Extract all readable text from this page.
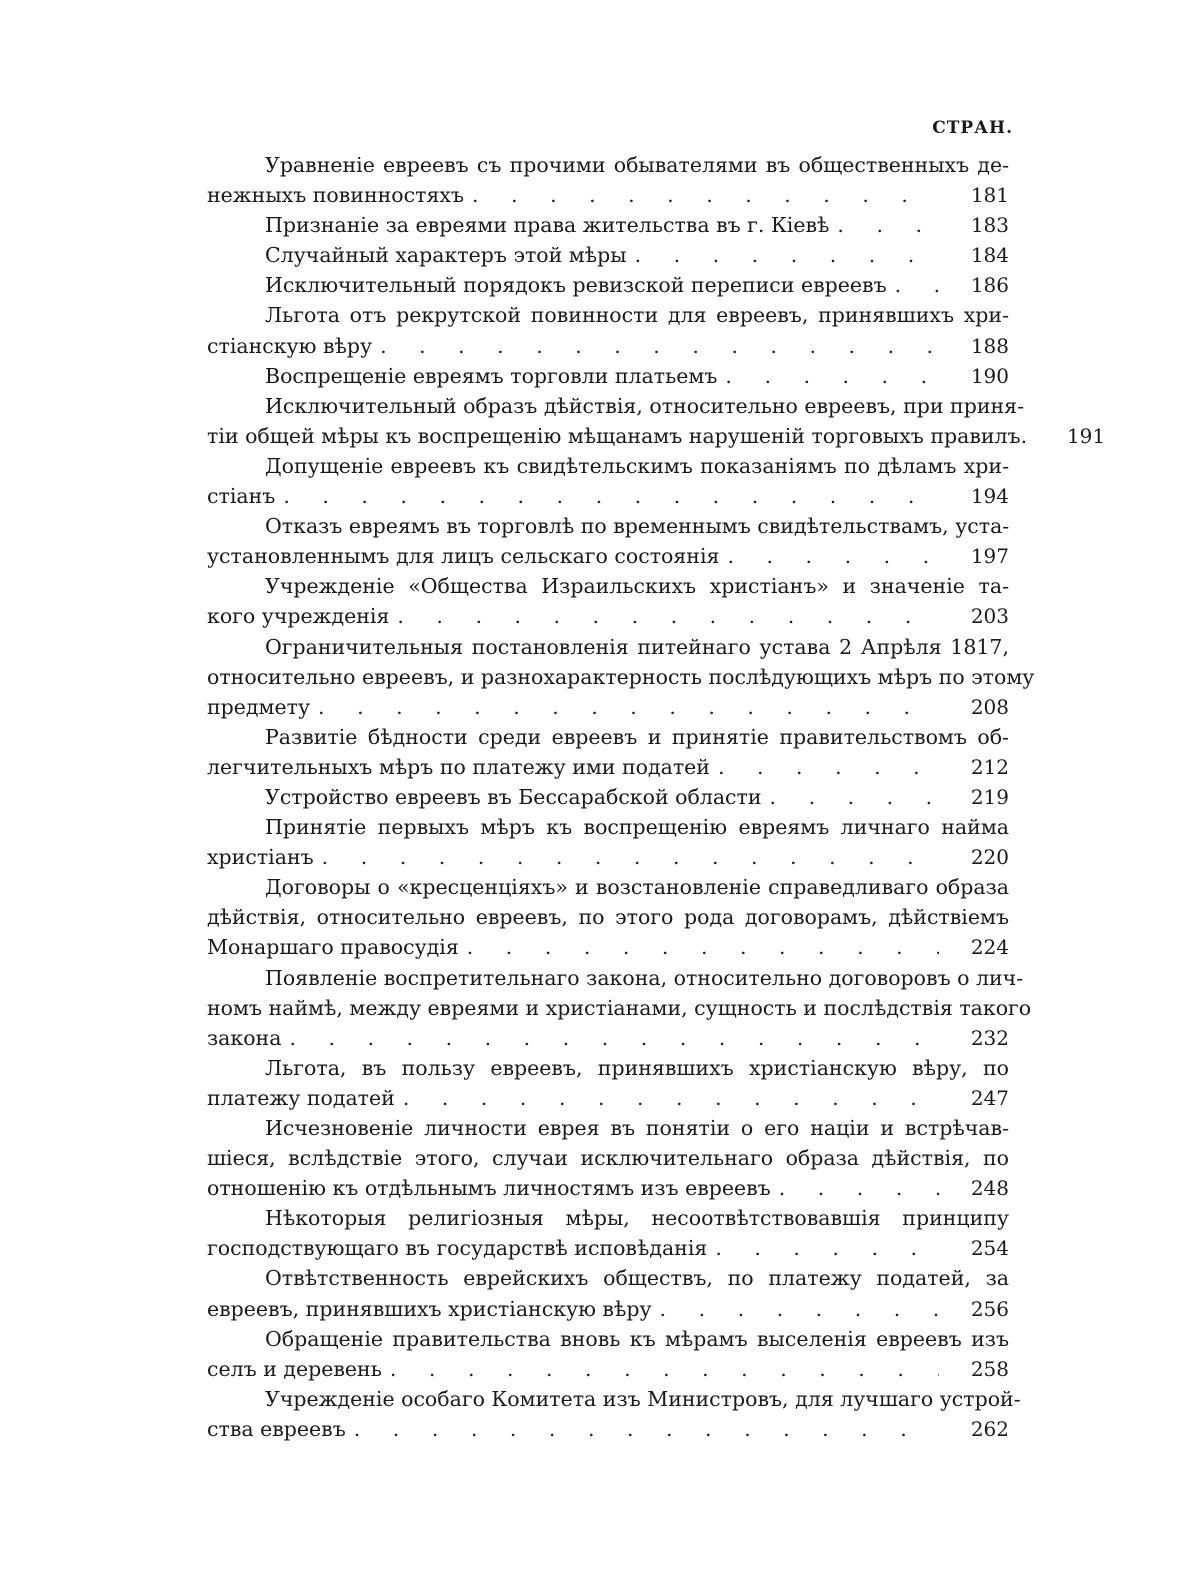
СТРАН.
Уравненіе евреевъ съ прочими обывателями въ общественныхъ де-
нежныхъ повинностяхъ . . .	181
Признаніе за евреями права жительства въ г. Кіевѣ . . .	183
Случайный характеръ этой мѣры . . .	184
Исключительный порядокъ ревизской переписи евреевъ . . .	186
Льгота отъ рекрутской повинности для евреевъ, принявшихъ хри-
стіанскую вѣру . . .	188
Воспрещеніе евреямъ торговли платьемъ . . .	190
Исключительный образъ дѣйствія, относительно евреевъ, при приня-
тіи общей мѣры къ воспрещенію мѣщанамъ нарушеній торговыхъ правилъ.	191
Допущеніе евреевъ къ свидѣтельскимъ показаніямъ по дѣламъ хри-
стіанъ . . .	194
Отказъ евреямъ въ торговлѣ по временнымъ свидѣтельствамъ, уста-
установленнымъ для лицъ сельскаго состоянія . . .	197
Учрежденіе «Общества Израильскихъ христіанъ» и значеніе та-
кого учрежденія . . .	203
Ограничительныя постановленія питейнаго устава 2 Апрѣля 1817,
относительно евреевъ, и разнохарактерность послѣдующихъ мѣръ по этому
предмету . . .	208
Развитіе бѣдности среди евреевъ и принятіе правительствомъ об-
легчительныхъ мѣръ по платежу ими податей . . .	212
Устройство евреевъ въ Бессарабской области . . .	219
Принятіе первыхъ мѣръ къ воспрещенію евреямъ личнаго найма
христіанъ . . .	220
Договоры о «кресценціяхъ» и возстановленіе справедливаго образа
дѣйствія, относительно евреевъ, по этого рода договорамъ, дѣйствіемъ
Монаршаго правосудія . . .	224
Появленіе воспретительнаго закона, относительно договоровъ о лич-
номъ наймѣ, между евреями и христіанами, сущность и послѣдствія такого
закона . . .	232
Льгота, въ пользу евреевъ, принявшихъ христіанскую вѣру, по
платежу податей . . .	247
Исчезновеніе личности еврея въ понятіи о его націи и встрѣчав-
шіеся, вслѣдствіе этого, случаи исключительнаго образа дѣйствія, по
отношенію къ отдѣльнымъ личностямъ изъ евреевъ . . .	248
Нѣкоторыя религіозныя мѣры, несоотвѣтствовавшія принципу
господствующаго въ государствѣ исповѣданія . . .	254
Отвѣтственность еврейскихъ обществъ, по платежу податей, за
евреевъ, принявшихъ христіанскую вѣру . . .	256
Обращеніе правительства вновь къ мѣрамъ выселенія евреевъ изъ
селъ и деревень . . .	258
Учрежденіе особаго Комитета изъ Министровъ, для лучшаго устрой-
ства евреевъ . . .	262
